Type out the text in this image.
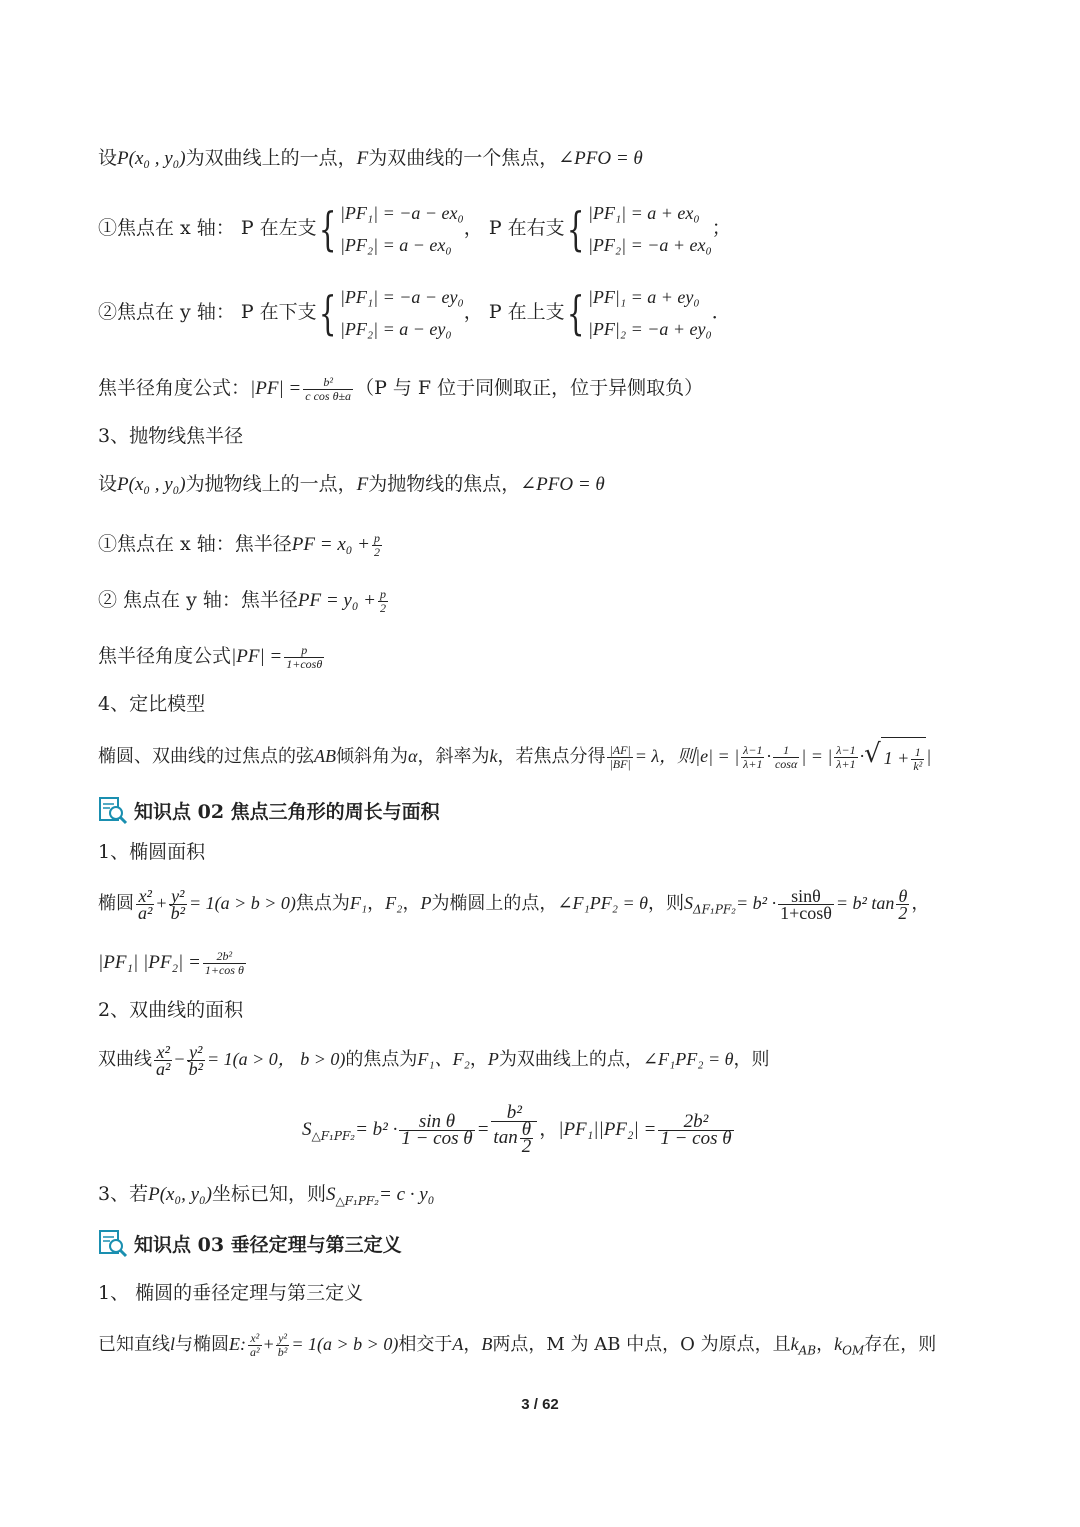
设P(x₀ , y₀)为双曲线上的一点，F为双曲线的一个焦点，∠PFO = θ
①焦点在 x 轴： P 在左支{ |PF₁| = −a − ex₀
|PF₂| = a − ex₀
， P 在右支{ |PF₁| = a + ex₀
|PF₂| = −a + ex₀
；
②焦点在 y 轴： P 在下支{ |PF₁| = −a − ey₀
|PF₂| = a − ey₀
， P 在上支{ |PF|₁ = a + ey₀
|PF|₂ = −a + ey₀
．
焦半径角度公式：$|PF| = \frac{\text{b²}}{\text{c cos θ±a}} (P$ 与 F 位于同侧取正，位于异侧取负）
3、抛物线焦半径
设P(x₀ , y₀)为抛物线上的一点，F为抛物线的焦点，∠PFO = θ
①焦点在 x 轴：焦半径PF = $x_0 + \frac{p}{2}$
② 焦点在 y 轴：焦半径PF = $y_0 + \frac{p}{2}$
焦半径角度公式$|PF| = \frac{p}{1+\cos\theta}$
4、定比模型
椭圆、双曲线的过焦点的弦AB倾斜角为α，斜率为k，若焦点分得 $\frac{|AF|}{|BF|} = \lambda$，则|e| = | $\frac{\lambda-1}{\lambda+1} \cdot \frac{1}{\cos\alpha}$ | = | $\frac{\lambda-1}{\lambda+1}$ ·√ $1 + \frac{1}{\text{k²}}$ |
知识点 02 焦点三角形的周长与面积
1、椭圆面积
椭圆 $\frac{\text{x²}}{\text{a²}} + \frac{\text{y²}}{\text{b²}} = 1(a > b > 0)$焦点为F₁，F₂，P为椭圆上的点，∠F₁PF₂ = θ，则$S_{\Delta F_1PF_2}= b^2 \cdot \frac{\sin\theta}{1+\cos\theta} = b^2$ $\tan \frac{\theta}{2}$ ，
|PF₁| $|PF_2| = \frac{\text{2b²}}{\text{1+cos θ}}$
2、双曲线的面积
双曲线 $\frac{\text{x²}}{\text{a²}} - \frac{\text{y²}}{\text{b²}} = 1(a > 0$， b > 0)的焦点为F₁、F₂，P为双曲线上的点，∠F₁PF₂ = θ，则
$S_{\triangle F_1PF_2}= b^2 \cdot \frac{\text{sin θ}}{\text{1 − cos θ}} = \frac{\text{b²}}{\tan \frac{\theta}{2}}$ ，$|PF_1||PF_2| = \frac{\text{2b²}}{\text{1 − cos θ}}$
3、若P(x₀, y₀)坐标已知，则$S_{\triangle F_1PF_2}= c \cdot y_0$
知识点 03 垂径定理与第三定义
1、 椭圆的垂径定理与第三定义
已知直线l与椭圆E: $\frac{\text{x²}}{\text{a²}} + \frac{\text{y²}}{\text{b²}} = 1(a > b > 0)$相交于A，B两点，M 为 AB 中点，O 为原点，且$k_{AB}$，$k_{OM}$存在，则
3 / 62
